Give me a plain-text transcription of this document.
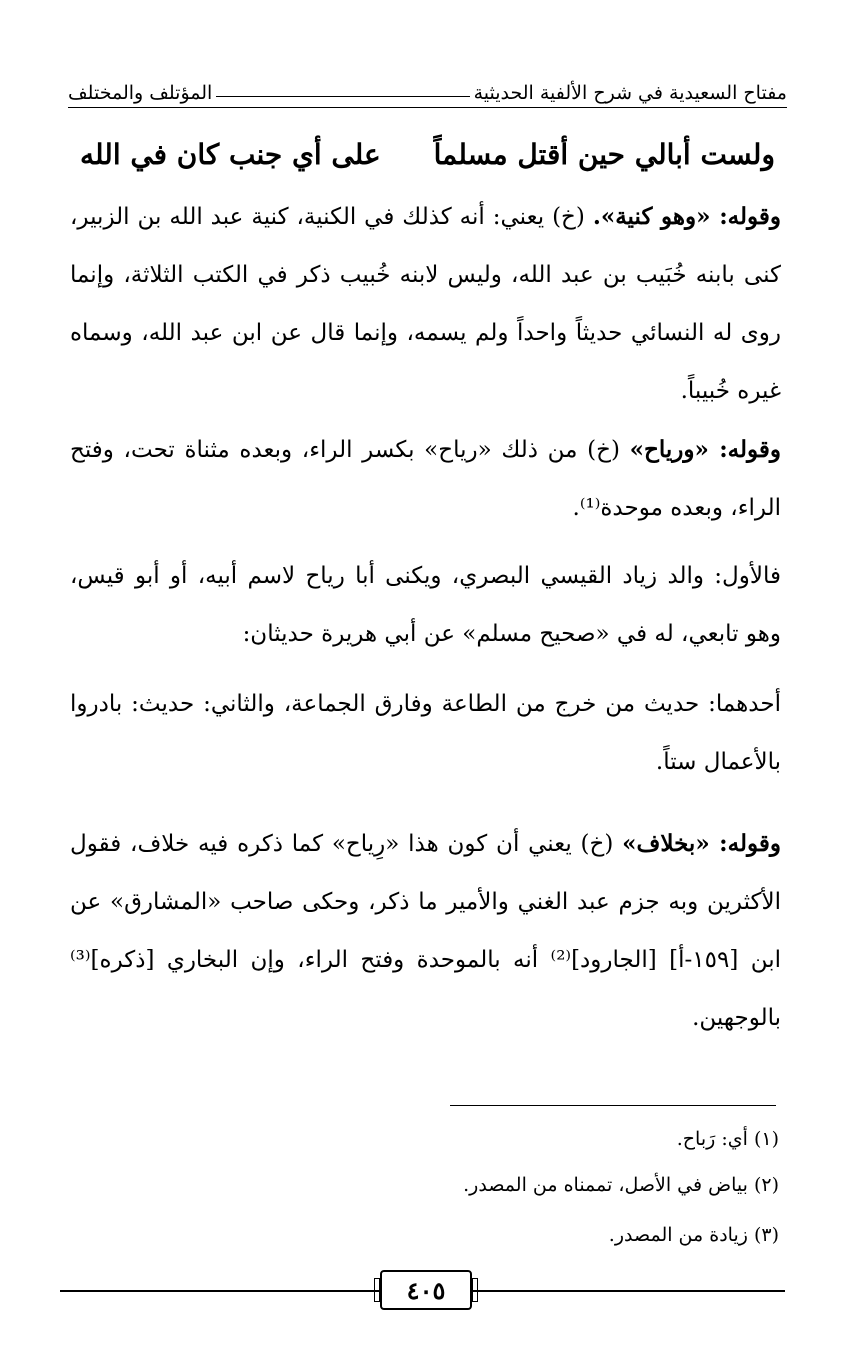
مفتاح السعيدية في شرح الألفية الحديثية
المؤتلف والمختلف
ولست أبالي حين أقتل مسلماً
على أي جنب كان في الله

وقوله: «وهو كنية». (خ) يعني: أنه كذلك في الكنية، كنية عبد الله بن الزبير، كنى بابنه خُبَيب بن عبد الله، وليس لابنه خُبيب ذكر في الكتب الثلاثة، وإنما روى له النسائي حديثاً واحداً ولم يسمه، وإنما قال عن ابن عبد الله، وسماه غيره خُبيباً.

وقوله: «ورياح» (خ) من ذلك «رياح» بكسر الراء، وبعده مثناة تحت، وفتح الراء، وبعده موحدة⁽¹⁾.

فالأول: والد زياد القيسي البصري، ويكنى أبا رياح لاسم أبيه، أو أبو قيس، وهو تابعي، له في «صحيح مسلم» عن أبي هريرة حديثان:

أحدهما: حديث من خرج من الطاعة وفارق الجماعة، والثاني: حديث: بادروا بالأعمال ستاً.

وقوله: «بخلاف» (خ) يعني أن كون هذا «رِياح» كما ذكره فيه خلاف، فقول الأكثرين وبه جزم عبد الغني والأمير ما ذكر، وحكى صاحب «المشارق» عن ابن [١٥٩-أ] [الجارود]⁽²⁾ أنه بالموحدة وفتح الراء، وإن البخاري [ذكره]⁽³⁾ بالوجهين.

(١) أي: رَباح.
(٢) بياض في الأصل، تممناه من المصدر.
(٣) زيادة من المصدر.
٤٠٥
